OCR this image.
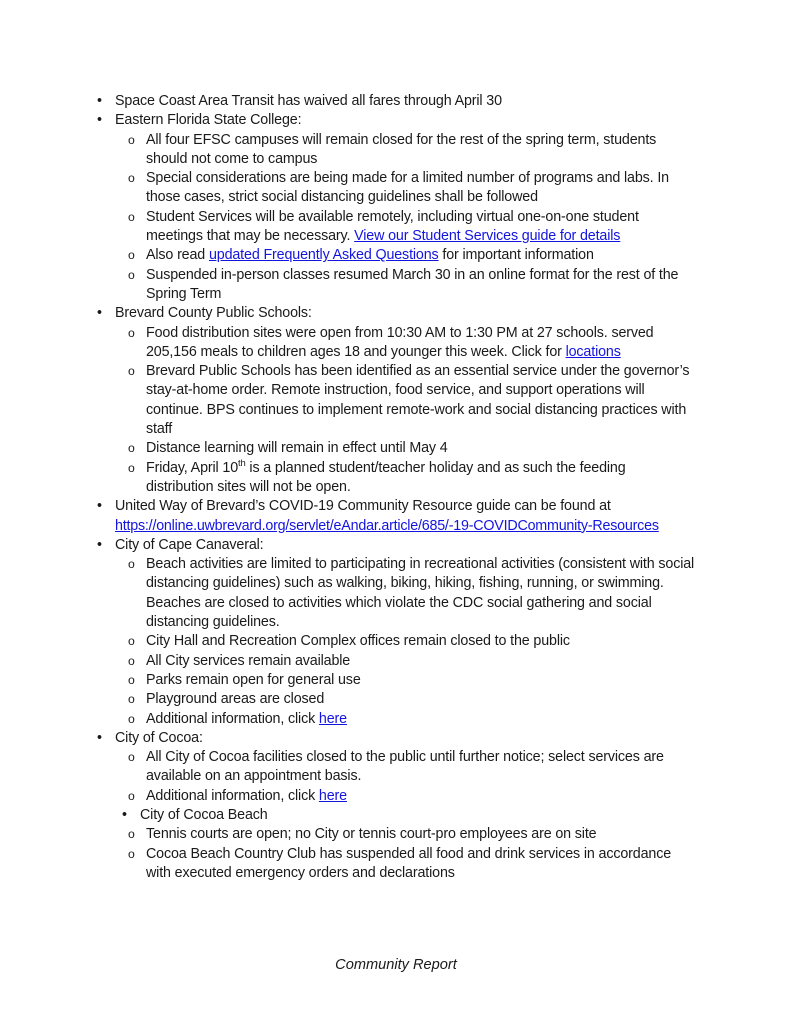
• Space Coast Area Transit has waived all fares through April 30
• Eastern Florida State College:
o All four EFSC campuses will remain closed for the rest of the spring term, students should not come to campus
o Special considerations are being made for a limited number of programs and labs. In those cases, strict social distancing guidelines shall be followed
o Student Services will be available remotely, including virtual one-on-one student meetings that may be necessary. View our Student Services guide for details
o Also read updated Frequently Asked Questions for important information
o Suspended in-person classes resumed March 30 in an online format for the rest of the Spring Term
• Brevard County Public Schools:
o Food distribution sites were open from 10:30 AM to 1:30 PM at 27 schools. served 205,156 meals to children ages 18 and younger this week. Click for locations
o Brevard Public Schools has been identified as an essential service under the governor’s stay-at-home order. Remote instruction, food service, and support operations will continue. BPS continues to implement remote-work and social distancing practices with staff
o Distance learning will remain in effect until May 4
o Friday, April 10th is a planned student/teacher holiday and as such the feeding distribution sites will not be open.
• United Way of Brevard’s COVID-19 Community Resource guide can be found at
https://online.uwbrevard.org/servlet/eAndar.article/685/-19-COVIDCommunity-Resources
• City of Cape Canaveral:
o Beach activities are limited to participating in recreational activities (consistent with social distancing guidelines) such as walking, biking, hiking, fishing, running, or swimming. Beaches are closed to activities which violate the CDC social gathering and social distancing guidelines.
o City Hall and Recreation Complex offices remain closed to the public
o All City services remain available
o Parks remain open for general use
o Playground areas are closed
o Additional information, click here
• City of Cocoa:
o All City of Cocoa facilities closed to the public until further notice; select services are available on an appointment basis.
o Additional information, click here
• City of Cocoa Beach
o Tennis courts are open; no City or tennis court-pro employees are on site
o Cocoa Beach Country Club has suspended all food and drink services in accordance with executed emergency orders and declarations
Community Report
